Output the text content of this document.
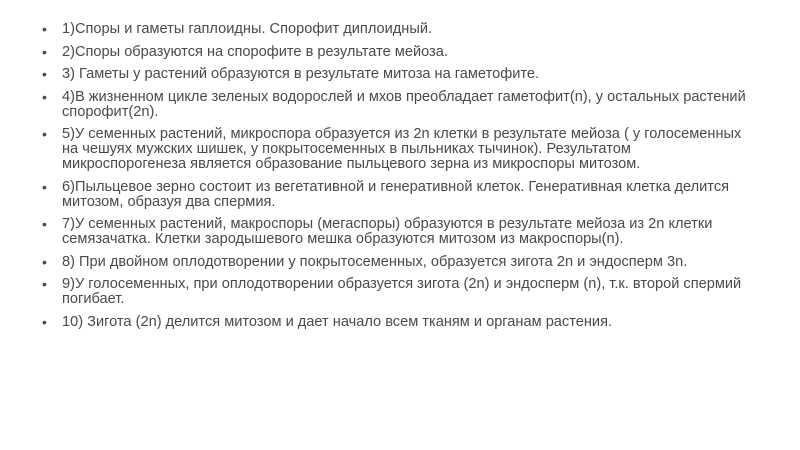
• 1)Споры и гаметы гаплоидны. Спорофит диплоидный.
• 2)Споры образуются на спорофите в результате мейоза.
• 3) Гаметы у растений образуются в результате митоза на гаметофите.
• 4)В жизненном цикле зеленых водорослей и мхов преобладает гаметофит(n), у остальных растений спорофит(2n).
• 5)У семенных растений, микроспора образуется из 2n клетки в результате мейоза ( у голосеменных на чешуях мужских шишек, у покрытосеменных в пыльниках тычинок). Результатом микроспорогенеза является образование пыльцевого зерна из микроспоры митозом.
• 6)Пыльцевое зерно состоит из вегетативной и генеративной клеток. Генеративная клетка делится митозом, образуя два спермия.
• 7)У семенных растений, макроспоры (мегаспоры) образуются в результате мейоза из 2n клетки семязачатка. Клетки зародышевого мешка образуются митозом из макроспоры(n).
• 8) При двойном оплодотворении у покрытосеменных, образуется зигота 2n и эндосперм 3n.
• 9)У голосеменных, при оплодотворении образуется зигота (2n) и эндосперм (n), т.к. второй спермий погибает.
• 10) Зигота (2n) делится митозом и дает начало всем тканям и органам растения.
